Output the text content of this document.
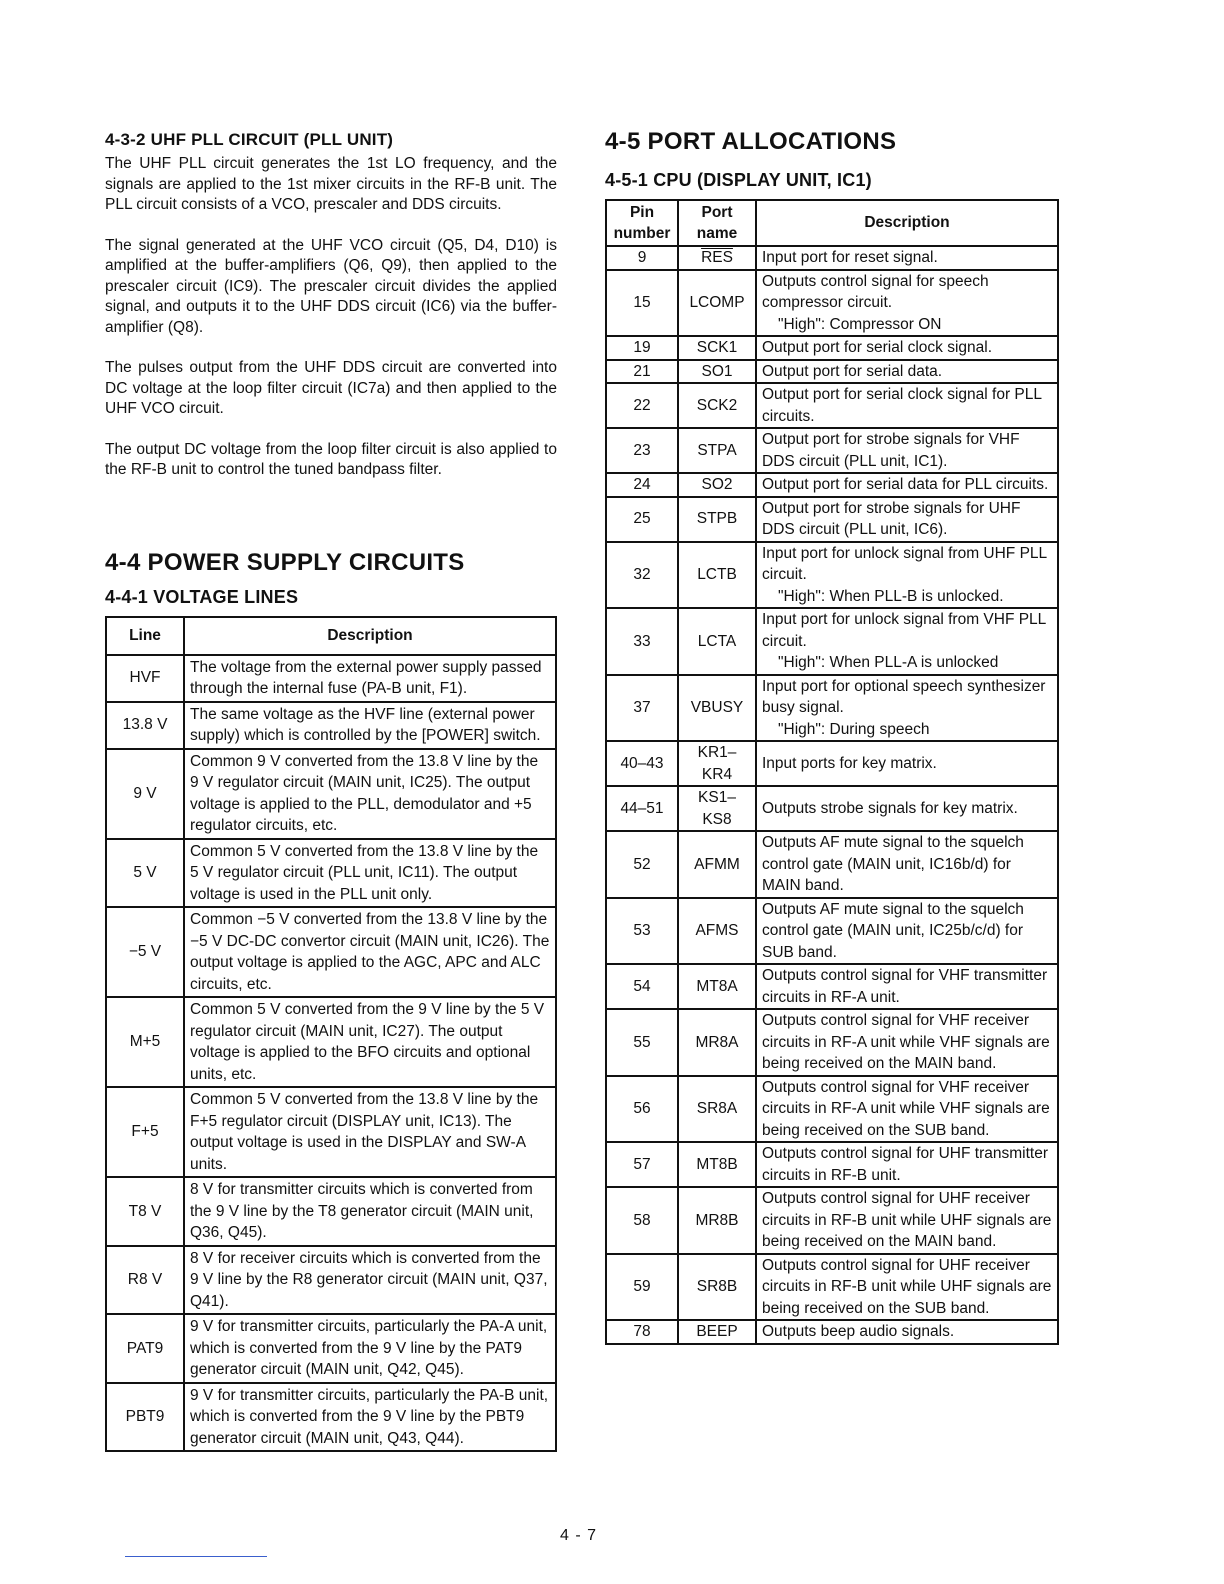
4-3-2 UHF PLL CIRCUIT (PLL UNIT)

The UHF PLL circuit generates the 1st LO frequency, and the signals are applied to the 1st mixer circuits in the RF-B unit. The PLL circuit consists of a VCO, prescaler and DDS circuits.

The signal generated at the UHF VCO circuit (Q5, D4, D10) is amplified at the buffer-amplifiers (Q6, Q9), then applied to the prescaler circuit (IC9). The prescaler circuit divides the applied signal, and outputs it to the UHF DDS circuit (IC6) via the buffer-amplifier (Q8).

The pulses output from the UHF DDS circuit are converted into DC voltage at the loop filter circuit (IC7a) and then applied to the UHF VCO circuit.

The output DC voltage from the loop filter circuit is also applied to the RF-B unit to control the tuned bandpass filter.

4-4 POWER SUPPLY CIRCUITS
4-4-1 VOLTAGE LINES
Line	Description
HVF	The voltage from the external power supply passed through the internal fuse (PA-B unit, F1).
13.8 V	The same voltage as the HVF line (external power supply) which is controlled by the [POWER] switch.
9 V	Common 9 V converted from the 13.8 V line by the 9 V regulator circuit (MAIN unit, IC25). The output voltage is applied to the PLL, demodulator and +5 regulator circuits, etc.
5 V	Common 5 V converted from the 13.8 V line by the 5 V regulator circuit (PLL unit, IC11). The output voltage is used in the PLL unit only.
−5 V	Common −5 V converted from the 13.8 V line by the −5 V DC-DC convertor circuit (MAIN unit, IC26). The output voltage is applied to the AGC, APC and ALC circuits, etc.
M+5	Common 5 V converted from the 9 V line by the 5 V regulator circuit (MAIN unit, IC27). The output voltage is applied to the BFO circuits and optional units, etc.
F+5	Common 5 V converted from the 13.8 V line by the F+5 regulator circuit (DISPLAY unit, IC13). The output voltage is used in the DISPLAY and SW-A units.
T8 V	8 V for transmitter circuits which is converted from the 9 V line by the T8 generator circuit (MAIN unit, Q36, Q45).
R8 V	8 V for receiver circuits which is converted from the 9 V line by the R8 generator circuit (MAIN unit, Q37, Q41).
PAT9	9 V for transmitter circuits, particularly the PA-A unit, which is converted from the 9 V line by the PAT9 generator circuit (MAIN unit, Q42, Q45).
PBT9	9 V for transmitter circuits, particularly the PA-B unit, which is converted from the 9 V line by the PBT9 generator circuit (MAIN unit, Q43, Q44).
4-5 PORT ALLOCATIONS
4-5-1 CPU (DISPLAY UNIT, IC1)
Pin number	Port name	Description
9	$\overline{RES}$	Input port for reset signal.
15	LCOMP	Outputs control signal for speech compressor circuit.
"High": Compressor ON

19	SCK1	Output port for serial clock signal.
21	SO1	Output port for serial data.
22	SCK2	Output port for serial clock signal for PLL circuits.
23	STPA	Output port for strobe signals for VHF DDS circuit (PLL unit, IC1).
24	SO2	Output port for serial data for PLL circuits.
25	STPB	Output port for strobe signals for UHF DDS circuit (PLL unit, IC6).
32	LCTB	Input port for unlock signal from UHF PLL circuit.
"High": When PLL-B is unlocked.

33	LCTA	Input port for unlock signal from VHF PLL circuit.
"High": When PLL-A is unlocked

37	VBUSY	Input port for optional speech synthesizer busy signal.
"High": During speech

40–43	KR1– KR4	Input ports for key matrix.
44–51	KS1– KS8	Outputs strobe signals for key matrix.
52	AFMM	Outputs AF mute signal to the squelch control gate (MAIN unit, IC16b/d) for MAIN band.
53	AFMS	Outputs AF mute signal to the squelch control gate (MAIN unit, IC25b/c/d) for SUB band.
54	MT8A	Outputs control signal for VHF transmitter circuits in RF-A unit.
55	MR8A	Outputs control signal for VHF receiver circuits in RF-A unit while VHF signals are being received on the MAIN band.
56	SR8A	Outputs control signal for VHF receiver circuits in RF-A unit while VHF signals are being received on the SUB band.
57	MT8B	Outputs control signal for UHF transmitter circuits in RF-B unit.
58	MR8B	Outputs control signal for UHF receiver circuits in RF-B unit while UHF signals are being received on the MAIN band.
59	SR8B	Outputs control signal for UHF receiver circuits in RF-B unit while UHF signals are being received on the SUB band.
78	BEEP	Outputs beep audio signals.
4 - 7
